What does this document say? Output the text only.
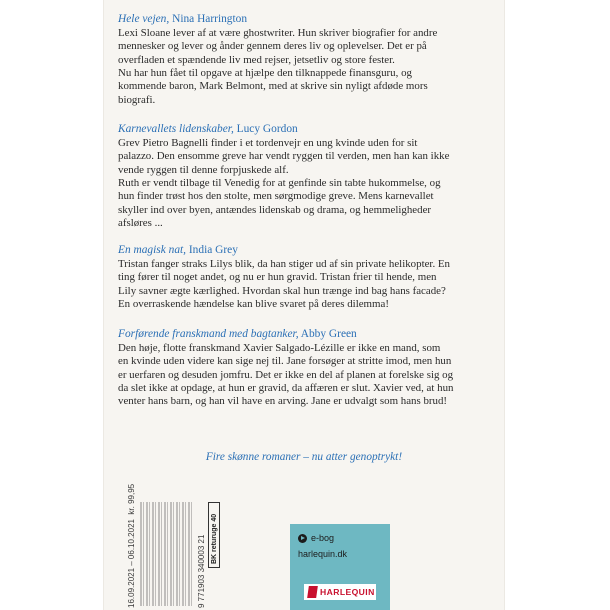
Hele vejen, Nina Harrington

Lexi Sloane lever af at være ghostwriter. Hun skriver biografier for andre

mennesker og lever og ånder gennem deres liv og oplevelser. Det er på

overfladen et spændende liv med rejser, jetsetliv og store fester.

Nu har hun fået til opgave at hjælpe den tilknappede finansguru, og

kommende baron, Mark Belmont, med at skrive sin nyligt afdøde mors

biografi.

Karnevallets lidenskaber, Lucy Gordon

Grev Pietro Bagnelli finder i et tordenvejr en ung kvinde uden for sit

palazzo. Den ensomme greve har vendt ryggen til verden, men han kan ikke

vende ryggen til denne forpjuskede alf.

Ruth er vendt tilbage til Venedig for at genfinde sin tabte hukommelse, og

hun finder trøst hos den stolte, men sørgmodige greve. Mens karnevallet

skyller ind over byen, antændes lidenskab og drama, og hemmeligheder

afsløres ...

En magisk nat, India Grey

Tristan fanger straks Lilys blik, da han stiger ud af sin private helikopter. En

ting fører til noget andet, og nu er hun gravid. Tristan frier til hende, men

Lily savner ægte kærlighed. Hvordan skal hun trænge ind bag hans facade?

En overraskende hændelse kan blive svaret på deres dilemma!

Forførende franskmand med bagtanker, Abby Green

Den høje, flotte franskmand Xavier Salgado-Lézille er ikke en mand, som

en kvinde uden videre kan sige nej til. Jane forsøger at stritte imod, men hun

er uerfaren og desuden jomfru. Det er ikke en del af planen at forelske sig og

da slet ikke at opdage, at hun er gravid, da affæren er slut. Xavier ved, at hun

venter hans barn, og han vil have en arving. Jane er udvalgt som hans brud!

Fire skønne romaner – nu atter genoptrykt!
16.09.2021 – 06.10.2021  kr. 99,95
9 771903 340003 21 BK returuge 40	e-bog
harlequin.dk
HARLEQUIN
